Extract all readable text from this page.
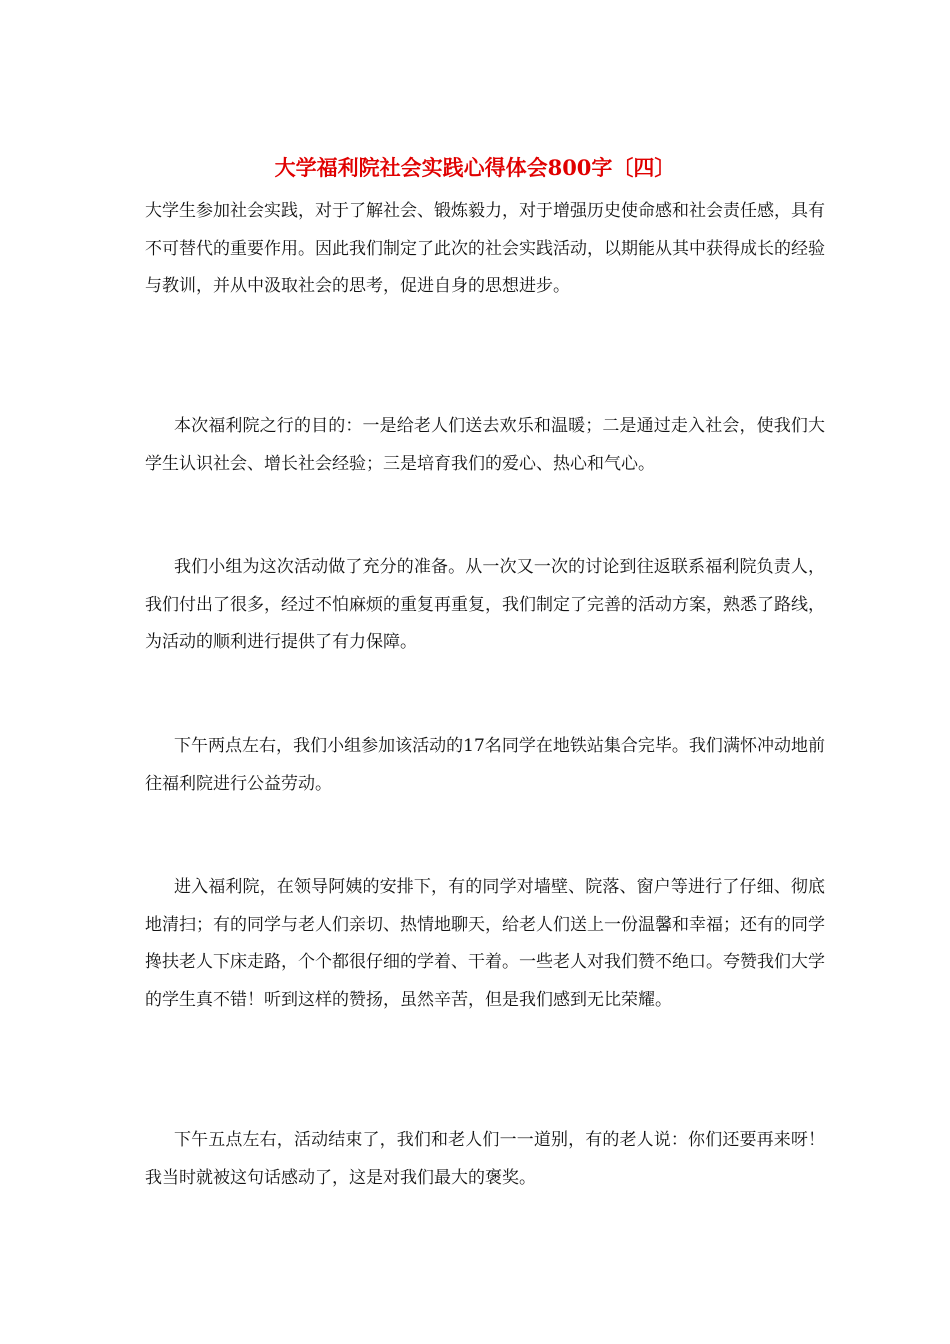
大学福利院社会实践心得体会800字〔四〕

大学生参加社会实践，对于了解社会、锻炼毅力，对于增强历史使命感和社会责任感，具有不可替代的重要作用。因此我们制定了此次的社会实践活动，以期能从其中获得成长的经验与教训，并从中汲取社会的思考，促进自身的思想进步。

本次福利院之行的目的：一是给老人们送去欢乐和温暖；二是通过走入社会，使我们大学生认识社会、增长社会经验；三是培育我们的爱心、热心和气心。

我们小组为这次活动做了充分的准备。从一次又一次的讨论到往返联系福利院负责人，我们付出了很多，经过不怕麻烦的重复再重复，我们制定了完善的活动方案，熟悉了路线，为活动的顺利进行提供了有力保障。

下午两点左右，我们小组参加该活动的17名同学在地铁站集合完毕。我们满怀冲动地前往福利院进行公益劳动。

进入福利院，在领导阿姨的安排下，有的同学对墙壁、院落、窗户等进行了仔细、彻底地清扫；有的同学与老人们亲切、热情地聊天，给老人们送上一份温馨和幸福；还有的同学搀扶老人下床走路，个个都很仔细的学着、干着。一些老人对我们赞不绝口。夸赞我们大学的学生真不错！听到这样的赞扬，虽然辛苦，但是我们感到无比荣耀。

下午五点左右，活动结束了，我们和老人们一一道别，有的老人说：你们还要再来呀！我当时就被这句话感动了，这是对我们最大的褒奖。
